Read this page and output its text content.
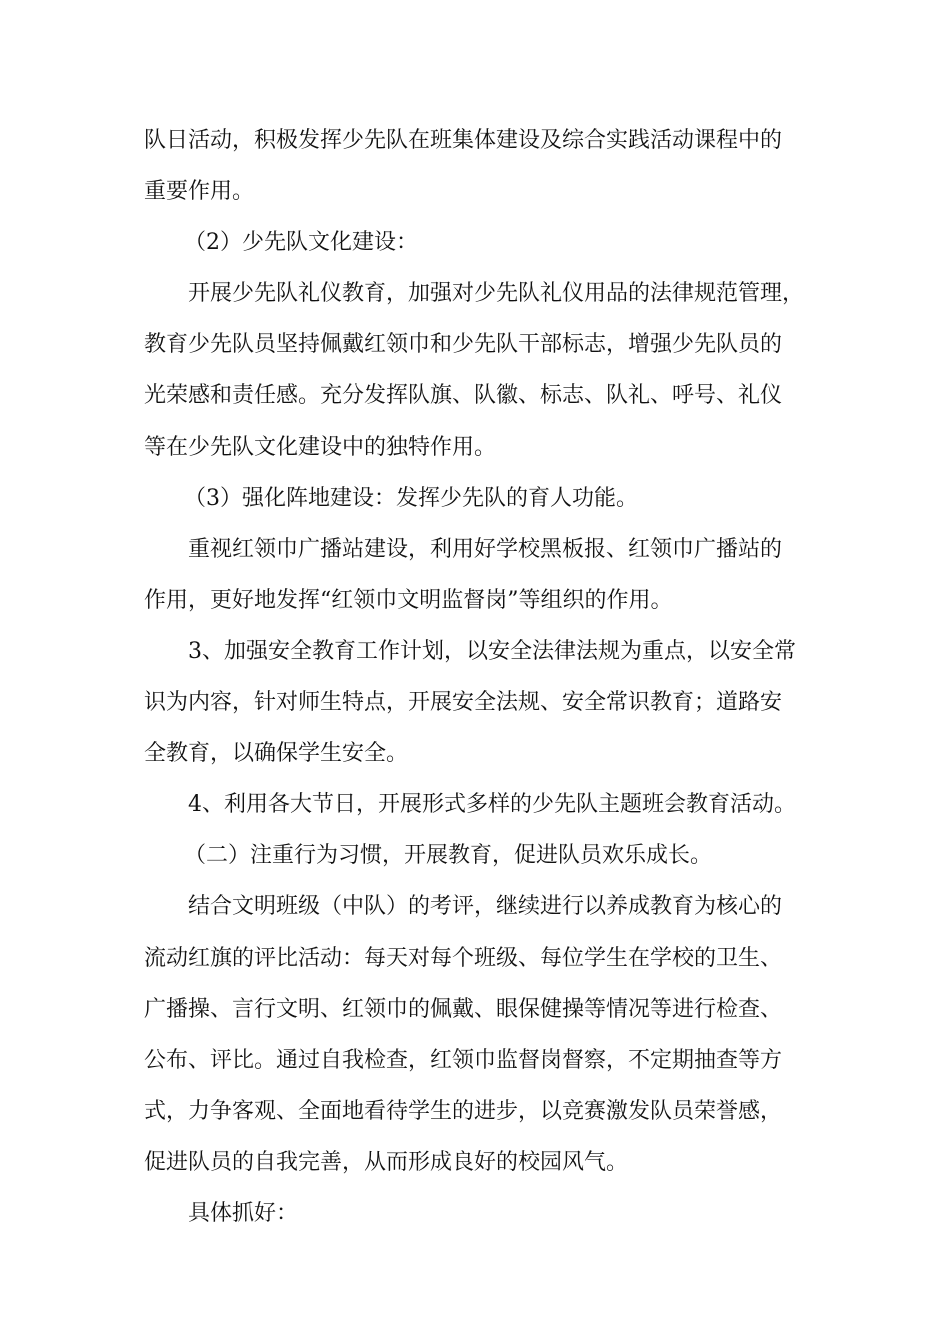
队日活动，积极发挥少先队在班集体建设及综合实践活动课程中的
重要作用。
（2）少先队文化建设：
开展少先队礼仪教育，加强对少先队礼仪用品的法律规范管理，
教育少先队员坚持佩戴红领巾和少先队干部标志，增强少先队员的
光荣感和责任感。充分发挥队旗、队徽、标志、队礼、呼号、礼仪
等在少先队文化建设中的独特作用。
（3）强化阵地建设：发挥少先队的育人功能。
重视红领巾广播站建设，利用好学校黑板报、红领巾广播站的
作用，更好地发挥“红领巾文明监督岗”等组织的作用。
3、加强安全教育工作计划，以安全法律法规为重点，以安全常
识为内容，针对师生特点，开展安全法规、安全常识教育；道路安
全教育，以确保学生安全。
4、利用各大节日，开展形式多样的少先队主题班会教育活动。
（二）注重行为习惯，开展教育，促进队员欢乐成长。
结合文明班级（中队）的考评，继续进行以养成教育为核心的
流动红旗的评比活动：每天对每个班级、每位学生在学校的卫生、
广播操、言行文明、红领巾的佩戴、眼保健操等情况等进行检查、
公布、评比。通过自我检查，红领巾监督岗督察，不定期抽查等方
式，力争客观、全面地看待学生的进步，以竞赛激发队员荣誉感，
促进队员的自我完善，从而形成良好的校园风气。
具体抓好：
